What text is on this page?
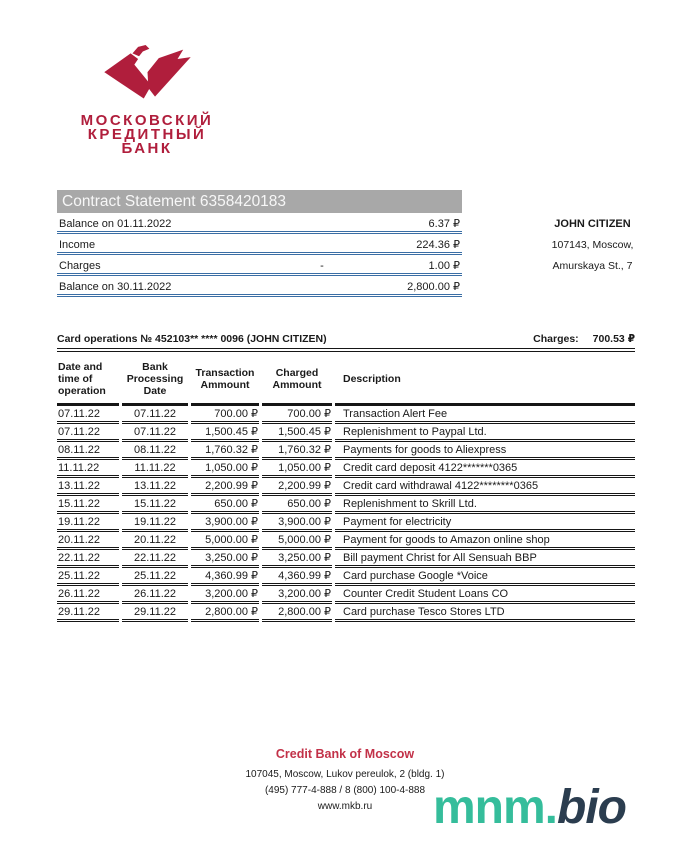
МОСКОВСКИЙ
КРЕДИТНЫЙ
БАНК
Contract Statement 6358420183
Balance on 01.11.2022	6.37 ₽
Income	224.36 ₽
Charges	-	1.00 ₽
Balance on 30.11.2022	2,800.00 ₽
JOHN CITIZEN
107143, Moscow,
Amurskaya St., 7
Card operations № 452103** **** 0096 (JOHN CITIZEN)	Charges: 700.53 ₽
Date and time of operation	Bank Processing Date	Transaction Ammount	Charged Ammount	Description
07.11.22	07.11.22	700.00 ₽	700.00 ₽	Transaction Alert Fee
07.11.22	07.11.22	1,500.45 ₽	1,500.45 ₽	Replenishment to Paypal Ltd.
08.11.22	08.11.22	1,760.32 ₽	1,760.32 ₽	Payments for goods to Aliexpress
11.11.22	11.11.22	1,050.00 ₽	1,050.00 ₽	Credit card deposit 4122*******0365
13.11.22	13.11.22	2,200.99 ₽	2,200.99 ₽	Credit card withdrawal 4122********0365
15.11.22	15.11.22	650.00 ₽	650.00 ₽	Replenishment to Skrill Ltd.
19.11.22	19.11.22	3,900.00 ₽	3,900.00 ₽	Payment for electricity
20.11.22	20.11.22	5,000.00 ₽	5,000.00 ₽	Payment for goods to Amazon online shop
22.11.22	22.11.22	3,250.00 ₽	3,250.00 ₽	Bill payment Christ for All Sensuah BBP
25.11.22	25.11.22	4,360.99 ₽	4,360.99 ₽	Card purchase Google *Voice
26.11.22	26.11.22	3,200.00 ₽	3,200.00 ₽	Counter Credit Student Loans CO
29.11.22	29.11.22	2,800.00 ₽	2,800.00 ₽	Card purchase Tesco Stores LTD
Credit Bank of Moscow
107045, Moscow, Lukov pereulok, 2 (bldg. 1)
(495) 777-4-888 / 8 (800) 100-4-888
www.mkb.ru	mnm.bio
